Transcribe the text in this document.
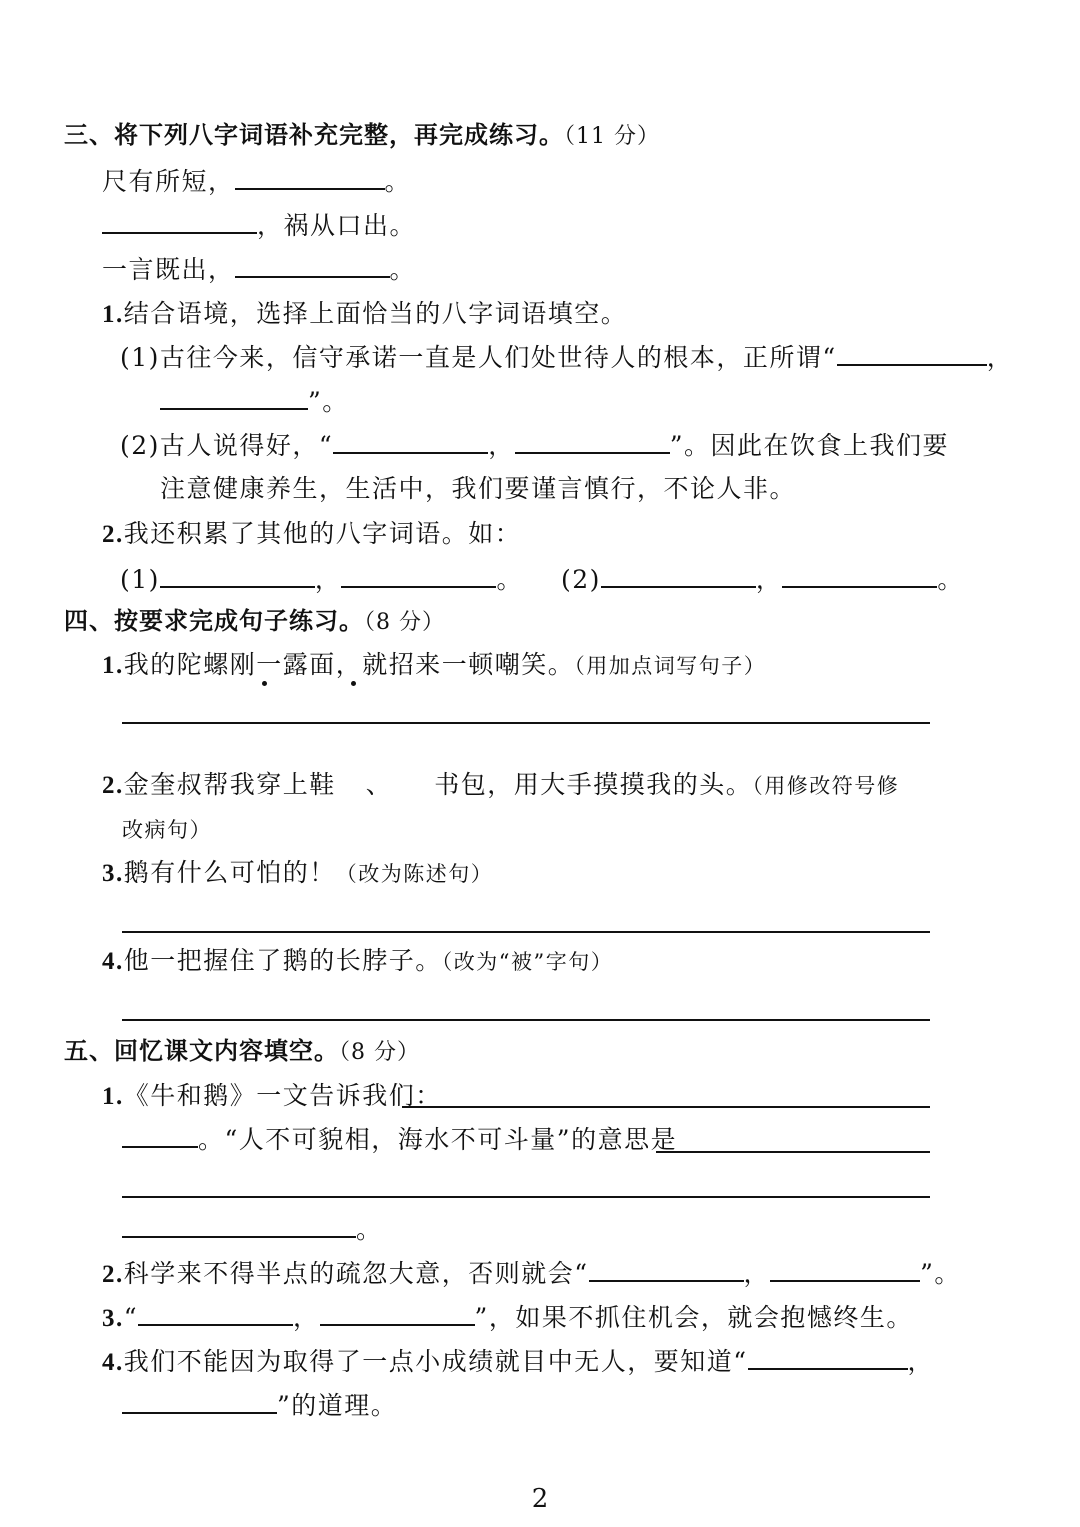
三、将下列八字词语补充完整，再完成练习。（11 分）
尺有所短，	。
，祸从口出。
一言既出，	。
1.结合语境，选择上面恰当的八字词语填空。
(1)古往今来，信守承诺一直是人们处世待人的根本，正所谓“	，
”。
(2)古人说得好，“	，	”。因此在饮食上我们要
注意健康养生，生活中，我们要谨言慎行，不论人非。
2.我还积累了其他的八字词语。如：
(1)	，	。 (2)	，	。
四、按要求完成句子练习。（8 分）
1.我的陀螺刚一露面，就招来一顿嘲笑。（用加点词写句子）
2.金奎叔帮我穿上鞋 、 书包，用大手摸摸我的头。（用修改符号修
改病句）
3.鹅有什么可怕的！（改为陈述句）
4.他一把握住了鹅的长脖子。（改为“被”字句）
五、回忆课文内容填空。（8 分）
1.《牛和鹅》一文告诉我们：
。“人不可貌相，海水不可斗量”的意思是
。
2.科学来不得半点的疏忽大意，否则就会“	，	”。
3.“	，	”，如果不抓住机会，就会抱憾终生。
4.我们不能因为取得了一点小成绩就目中无人，要知道“	，
”的道理。
2
